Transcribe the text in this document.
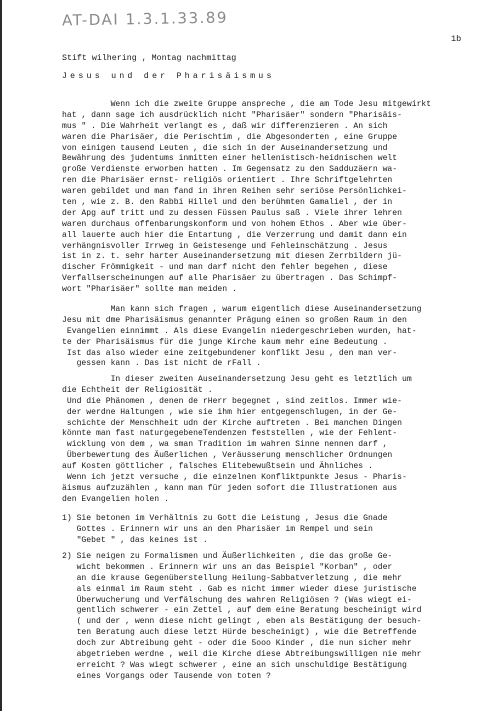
AT-DAI 1.3.1.33.89
1b
Stift wilhering , Montag nachmittag
Jesus und der Pharisäismus
Wenn ich die zweite Gruppe anspreche , die am Tode Jesu mitgewirkt
hat , dann sage ich ausdrücklich nicht "Pharisäer" sondern "Pharisäis-
mus " . Die Wahrheit verlangt es , daß wir differenzieren . An sich
waren die Pharisäer, die Perischtim , die Abgesonderten , eine Gruppe
von einigen tausend Leuten , die sich in der Auseinandersetzung und
Bewährung des judentums inmitten einer hellenistisch-heidnischen welt
große Verdienste erworben hatten . Im Gegensatz zu den Sadduzäern wa-
ren die Pharisäer ernst- religiös orientiert . Ihre Schriftgelehrten
waren gebildet und man fand in ihren Reihen sehr seriöse Persönlichkei-
ten , wie z. B. den Rabbi Hillel und den berühmten Gamaliel , der in
der Apg auf tritt und zu dessen Füssen Paulus saß . Viele ihrer lehren
waren durchaus offenbarungskonform und von hohem Ethos . Aber wie über-
all lauerte auch hier die Entartung , die Verzerrung und damit dann ein
verhängnisvoller Irrweg in Geistesenge und Fehleinschätzung . Jesus
ist in z. t. sehr harter Auseinandersetzung mit diesen Zerrbildern jü-
discher Frömmigkeit - und man darf nicht den fehler begehen , diese
Verfallserscheinungen auf alle Pharisäer zu übertragen . Das Schimpf-
wort "Pharisäer" sollte man meiden .
Man kann sich fragen , warum eigentlich diese Auseinandersetzung
Jesu mit dme Pharisäismus genannter Prägung einen so großen Raum in den
Evangelien einnimmt . Als diese Evangelin niedergeschrieben wurden, hat-
te der Pharisäismus für die junge Kirche kaum mehr eine Bedeutung .
Ist das also wieder eine zeitgebundener konflikt Jesu , den man ver-
gessen kann . Das ist nicht de rFall .
In dieser zweiten Auseinandersetzung Jesu geht es letztlich um
die Echtheit der Religiosität .
Und die Phänomen , denen de rHerr begegnet , sind zeitlos. Immer wie-
der werdne Haltungen , wie sie ihm hier entgegenschlugen, in der Ge-
schichte der Menschheit udn der Kirche auftreten . Bei manchen Dingen
könnte man fast naturgegebeneTendenzen feststellen , wie der Fehlent-
wicklung von dem , wa sman Tradition im wahren Sinne nennen darf ,
Überbewertung des Äußerlichen , Veräusserung menschlicher Ordnungen
auf Kosten göttlicher , falsches Elitebewußtsein und Ähnliches .
Wenn ich jetzt versuche , die einzelnen Konfliktpunkte Jesus - Pharis-
äismus aufzuzählen , kann man für jeden sofort die Illustrationen aus
den Evangelien holen .
1) Sie betonen im Verhältnis zu Gott die Leistung , Jesus die Gnade
Gottes . Erinnern wir uns an den Pharisäer im Rempel und sein
"Gebet " , das keines ist .
2) Sie neigen zu Formalismen und Äußerlichkeiten , die das große Ge-
wicht bekommen . Erinnern wir uns an das Beispiel "Korban" , oder
an die krause Gegenüberstellung Heilung-Sabbatverletzung , die mehr
als einmal im Raum steht . Gab es nicht immer wieder diese juristische
Überwucherung und Verfälschung des wahren Religiösen ? (Was wiegt ei-
gentlich schwerer - ein Zettel , auf dem eine Beratung bescheinigt wird
( und der , wenn diese nicht gelingt , eben als Bestätigung der besuch-
ten Beratung auch diese letzt Hürde bescheinigt) , wie die Betreffende
doch zur Abtreibung geht - oder die 5ooo Kinder , die nun sicher mehr
abgetrieben werdne , weil die Kirche diese Abtreibungswilligen nie mehr
erreicht ? Was wiegt schwerer , eine an sich unschuldige Bestätigung
eines Vorgangs oder Tausende von toten ?
